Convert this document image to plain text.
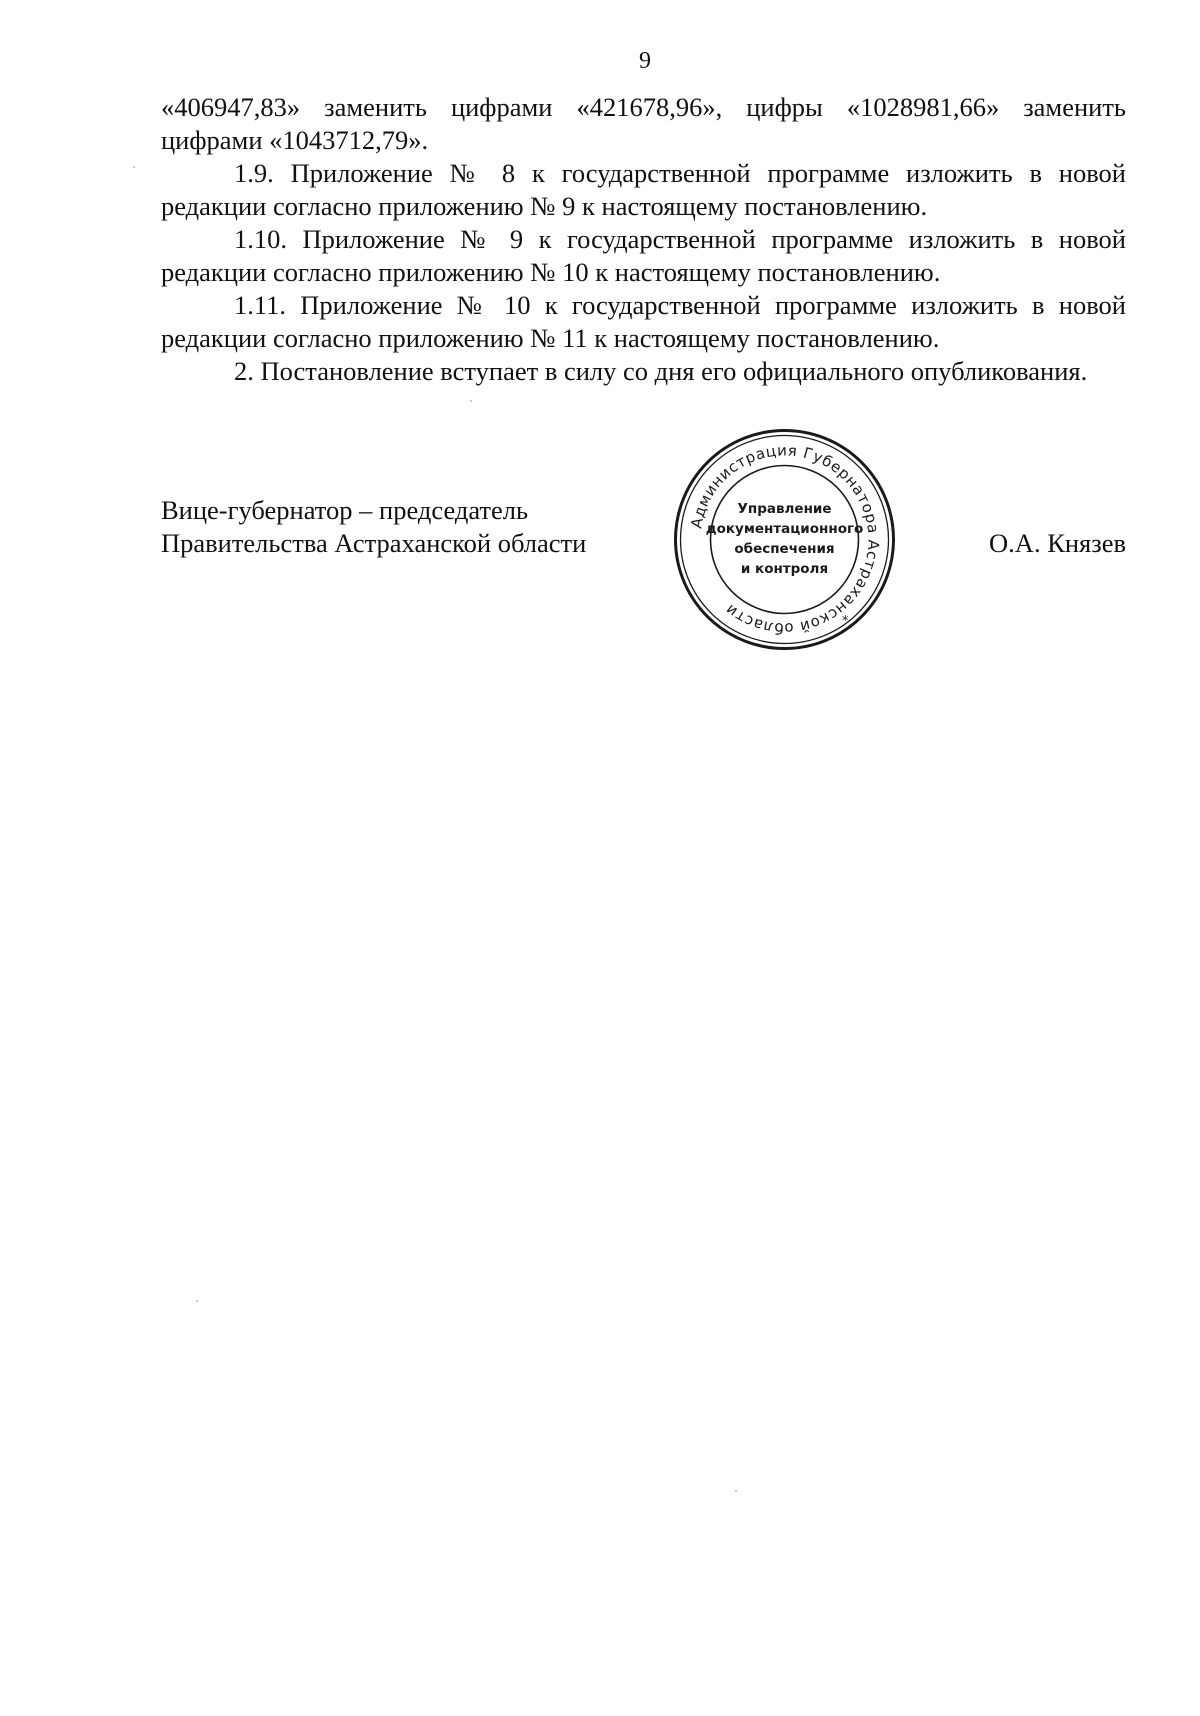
9

«406947,83» заменить цифрами «421678,96», цифры «1028981,66» заменить цифрами «1043712,79».

1.9. Приложение № 8 к государственной программе изложить в новой редакции согласно приложению № 9 к настоящему постановлению.

1.10. Приложение № 9 к государственной программе изложить в новой редакции согласно приложению № 10 к настоящему постановлению.

1.11. Приложение № 10 к государственной программе изложить в новой редакции согласно приложению № 11 к настоящему постановлению.

2. Постановление вступает в силу со дня его официального опубликования.

Вице-губернатор – председатель
Правительства Астраханской области	О.А. Князев
Администрация Губернатора Астраханской области
*
Управление
документационного
обеспечения
и контроля
